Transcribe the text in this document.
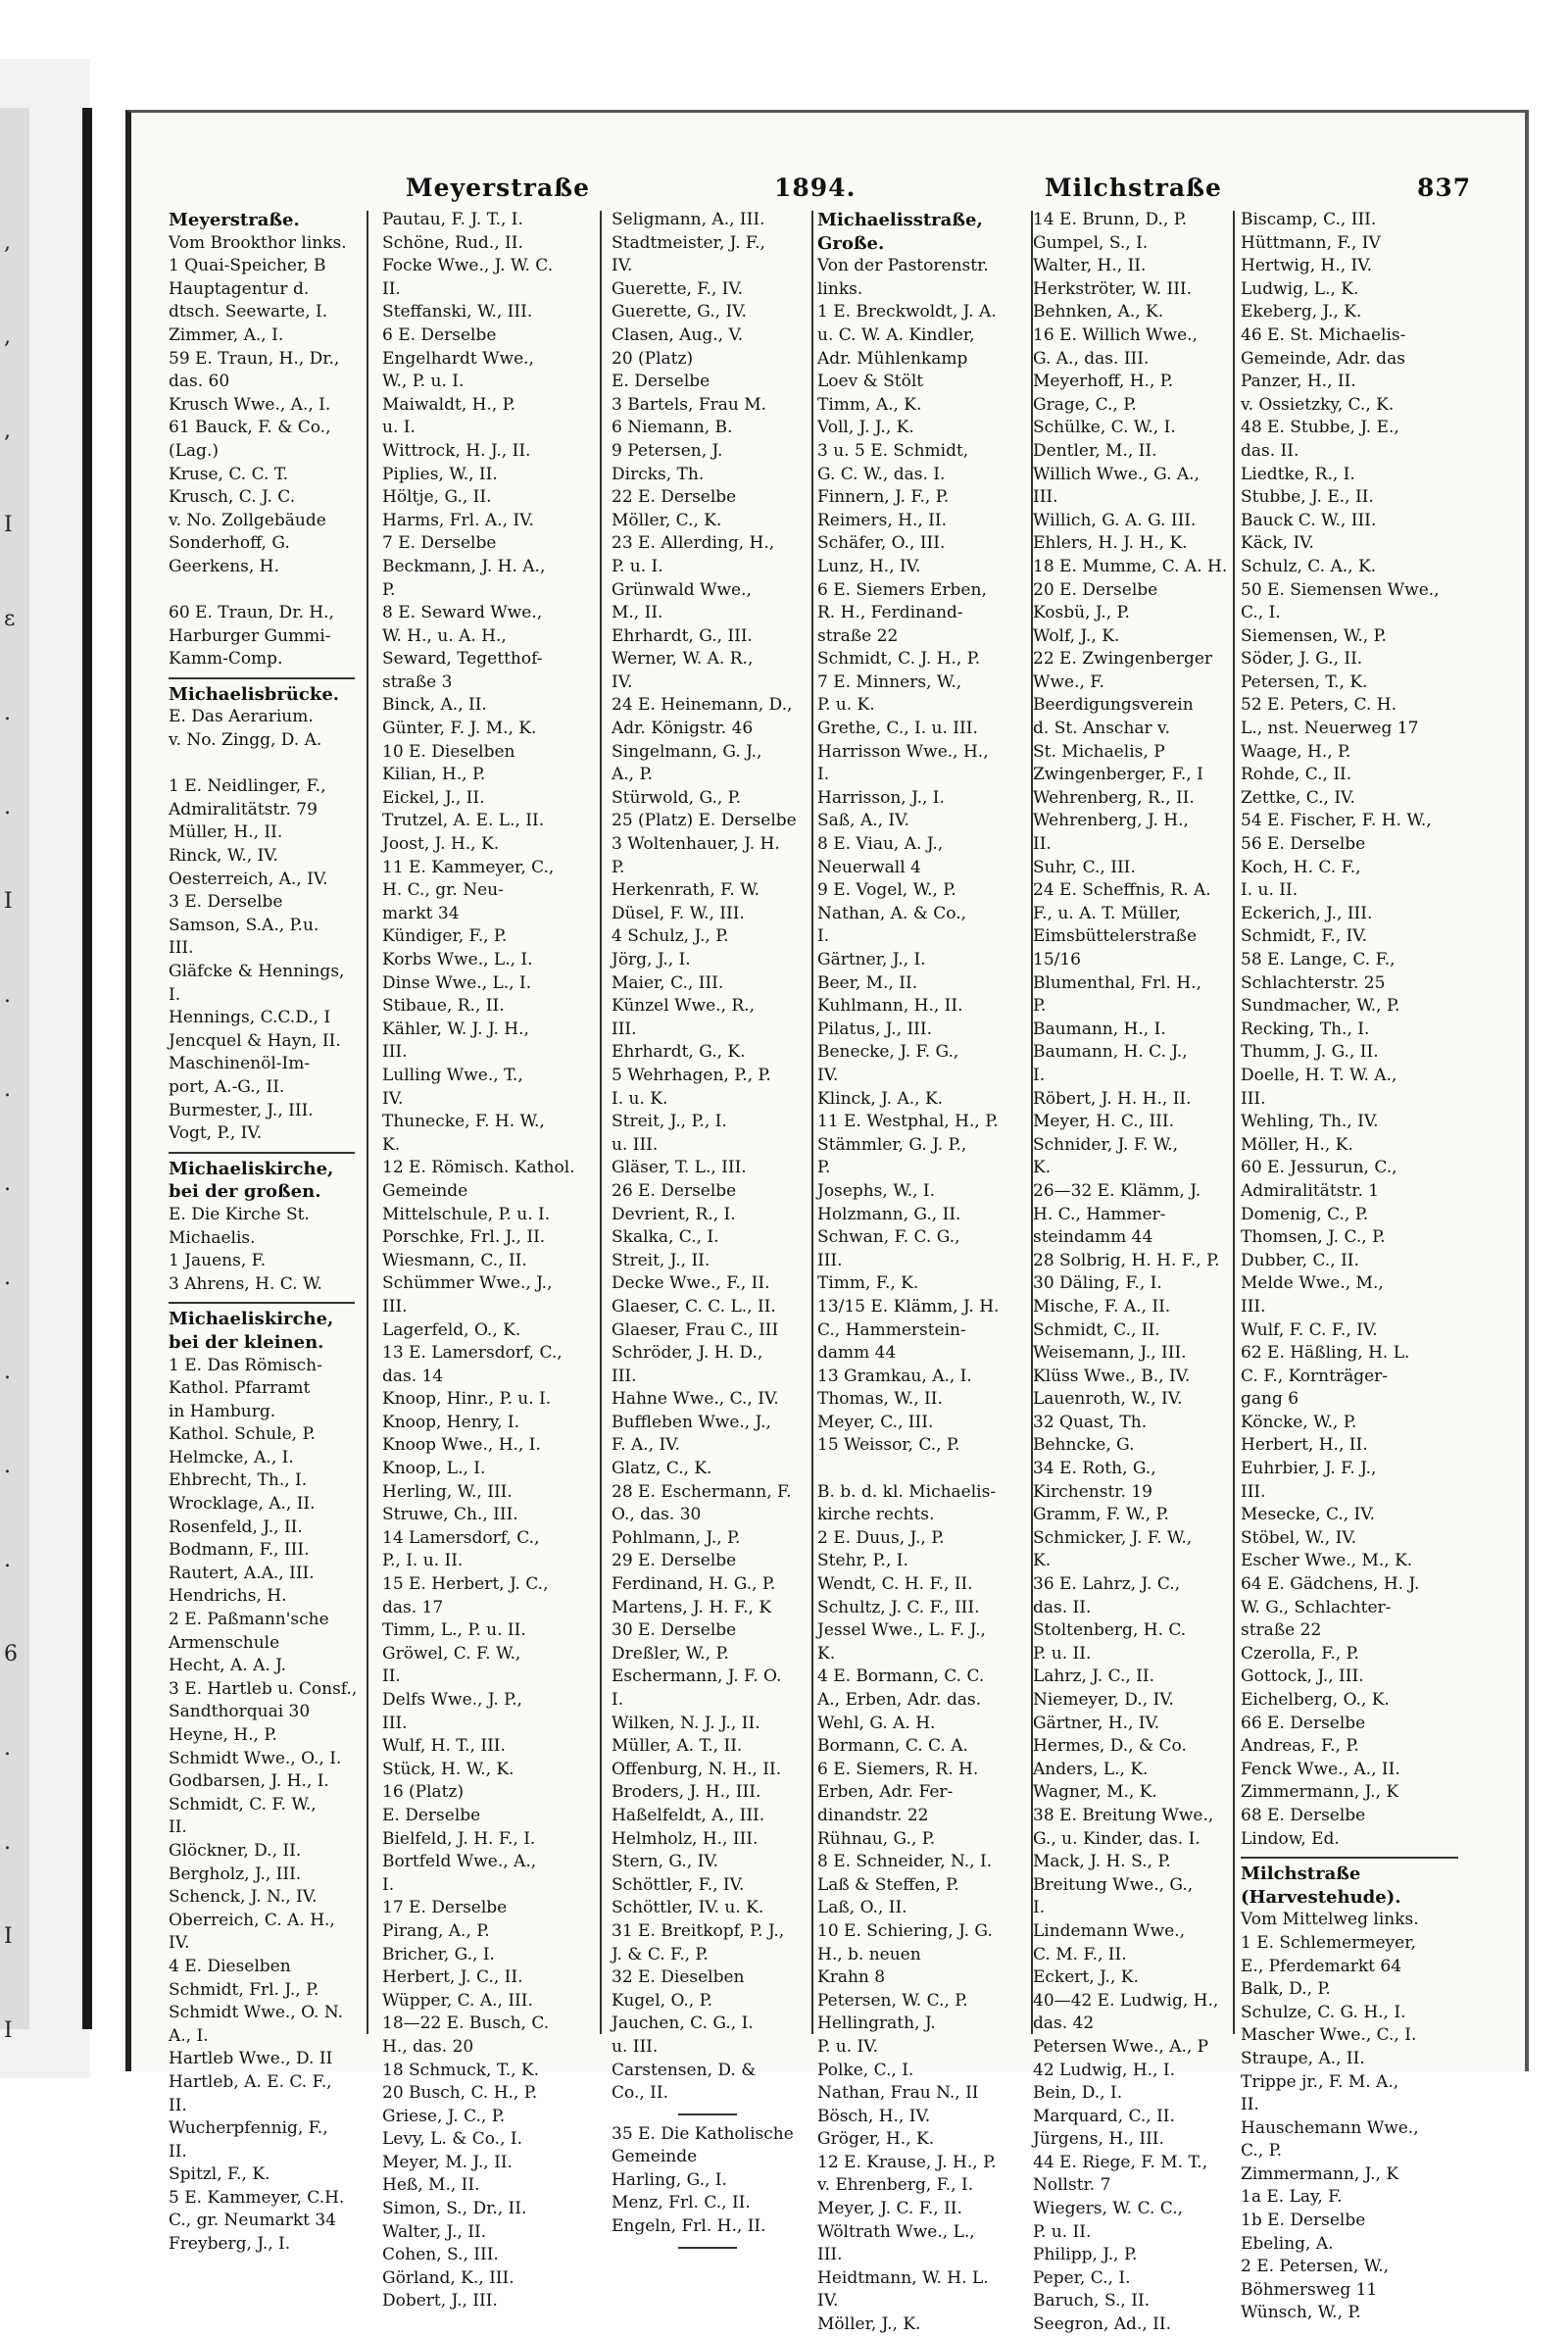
,
,
,
I
ɛ
.
.
I
.
.
.
.
.
.
.
6
.
.
I
I
Meyerstraße	1894.	Milchstraße	837
Meyerstraße.
Vom Brookthor links.
1 Quai-Speicher, B
Hauptagentur d.
dtsch. Seewarte, I.
Zimmer, A., I.
59 E. Traun, H., Dr.,
das. 60
Krusch Wwe., A., I.
61 Bauck, F. & Co.,
(Lag.)
Kruse, C. C. T.
Krusch, C. J. C.
v. No. Zollgebäude
Sonderhoff, G.
Geerkens, H.

60 E. Traun, Dr. H.,
Harburger Gummi-
Kamm-Comp.
Michaelisbrücke.
E. Das Aerarium.
v. No. Zingg, D. A.

1 E. Neidlinger, F.,
Admiralitätstr. 79
Müller, H., II.
Rinck, W., IV.
Oesterreich, A., IV.
3 E. Derselbe
Samson, S.A., P.u.
III.
Gläfcke & Hennings,
I.
Hennings, C.C.D., I
Jencquel & Hayn, II.
Maschinenöl-Im-
port, A.-G., II.
Burmester, J., III.
Vogt, P., IV.
Michaeliskirche,
bei der großen.
E. Die Kirche St.
Michaelis.
1 Jauens, F.
3 Ahrens, H. C. W.
Michaeliskirche,
bei der kleinen.
1 E. Das Römisch-
Kathol. Pfarramt
in Hamburg.
Kathol. Schule, P.
Helmcke, A., I.
Ehbrecht, Th., I.
Wrocklage, A., II.
Rosenfeld, J., II.
Bodmann, F., III.
Rautert, A.A., III.
Hendrichs, H.
2 E. Paßmann'sche
Armenschule
Hecht, A. A. J.
3 E. Hartleb u. Consf.,
Sandthorquai 30
Heyne, H., P.
Schmidt Wwe., O., I.
Godbarsen, J. H., I.
Schmidt, C. F. W.,
II.
Glöckner, D., II.
Bergholz, J., III.
Schenck, J. N., IV.
Oberreich, C. A. H.,
IV.
4 E. Dieselben
Schmidt, Frl. J., P.
Schmidt Wwe., O. N.
A., I.
Hartleb Wwe., D. II
Hartleb, A. E. C. F.,
II.
Wucherpfennig, F.,
II.
Spitzl, F., K.
5 E. Kammeyer, C.H.
C., gr. Neumarkt 34
Freyberg, J., I.
Pautau, F. J. T., I.
Schöne, Rud., II.
Focke Wwe., J. W. C.
II.
Steffanski, W., III.
6 E. Derselbe
Engelhardt Wwe.,
W., P. u. I.
Maiwaldt, H., P.
u. I.
Wittrock, H. J., II.
Piplies, W., II.
Höltje, G., II.
Harms, Frl. A., IV.
7 E. Derselbe
Beckmann, J. H. A.,
P.
8 E. Seward Wwe.,
W. H., u. A. H.,
Seward, Tegetthof-
straße 3
Binck, A., II.
Günter, F. J. M., K.
10 E. Dieselben
Kilian, H., P.
Eickel, J., II.
Trutzel, A. E. L., II.
Joost, J. H., K.
11 E. Kammeyer, C.,
H. C., gr. Neu-
markt 34
Kündiger, F., P.
Korbs Wwe., L., I.
Dinse Wwe., L., I.
Stibaue, R., II.
Kähler, W. J. J. H.,
III.
Lulling Wwe., T.,
IV.
Thunecke, F. H. W.,
K.
12 E. Römisch. Kathol.
Gemeinde
Mittelschule, P. u. I.
Porschke, Frl. J., II.
Wiesmann, C., II.
Schümmer Wwe., J.,
III.
Lagerfeld, O., K.
13 E. Lamersdorf, C.,
das. 14
Knoop, Hinr., P. u. I.
Knoop, Henry, I.
Knoop Wwe., H., I.
Knoop, L., I.
Herling, W., III.
Struwe, Ch., III.
14 Lamersdorf, C.,
P., I. u. II.
15 E. Herbert, J. C.,
das. 17
Timm, L., P. u. II.
Gröwel, C. F. W.,
II.
Delfs Wwe., J. P.,
III.
Wulf, H. T., III.
Stück, H. W., K.
16 (Platz)
E. Derselbe
Bielfeld, J. H. F., I.
Bortfeld Wwe., A.,
I.
17 E. Derselbe
Pirang, A., P.
Bricher, G., I.
Herbert, J. C., II.
Wüpper, C. A., III.
18—22 E. Busch, C.
H., das. 20
18 Schmuck, T., K.
20 Busch, C. H., P.
Griese, J. C., P.
Levy, L. & Co., I.
Meyer, M. J., II.
Heß, M., II.
Simon, S., Dr., II.
Walter, J., II.
Cohen, S., III.
Görland, K., III.
Dobert, J., III.
Seligmann, A., III.
Stadtmeister, J. F.,
IV.
Guerette, F., IV.
Guerette, G., IV.
Clasen, Aug., V.
20 (Platz)
E. Derselbe
3 Bartels, Frau M.
6 Niemann, B.
9 Petersen, J.
Dircks, Th.
22 E. Derselbe
Möller, C., K.
23 E. Allerding, H.,
P. u. I.
Grünwald Wwe.,
M., II.
Ehrhardt, G., III.
Werner, W. A. R.,
IV.
24 E. Heinemann, D.,
Adr. Königstr. 46
Singelmann, G. J.,
A., P.
Stürwold, G., P.
25 (Platz) E. Derselbe
3 Woltenhauer, J. H.
P.
Herkenrath, F. W.
Düsel, F. W., III.
4 Schulz, J., P.
Jörg, J., I.
Maier, C., III.
Künzel Wwe., R.,
III.
Ehrhardt, G., K.
5 Wehrhagen, P., P.
I. u. K.
Streit, J., P., I.
u. III.
Gläser, T. L., III.
26 E. Derselbe
Devrient, R., I.
Skalka, C., I.
Streit, J., II.
Decke Wwe., F., II.
Glaeser, C. C. L., II.
Glaeser, Frau C., III
Schröder, J. H. D.,
III.
Hahne Wwe., C., IV.
Buffleben Wwe., J.,
F. A., IV.
Glatz, C., K.
28 E. Eschermann, F.
O., das. 30
Pohlmann, J., P.
29 E. Derselbe
Ferdinand, H. G., P.
Martens, J. H. F., K
30 E. Derselbe
Dreßler, W., P.
Eschermann, J. F. O.
I.
Wilken, N. J. J., II.
Müller, A. T., II.
Offenburg, N. H., II.
Broders, J. H., III.
Haßelfeldt, A., III.
Helmholz, H., III.
Stern, G., IV.
Schöttler, F., IV.
Schöttler, IV. u. K.
31 E. Breitkopf, P. J.,
J. & C. F., P.
32 E. Dieselben
Kugel, O., P.
Jauchen, C. G., I.
u. III.
Carstensen, D. &
Co., II.
35 E. Die Katholische
Gemeinde
Harling, G., I.
Menz, Frl. C., II.
Engeln, Frl. H., II.
Michaelisstraße,
Große.
Von der Pastorenstr.
links.
1 E. Breckwoldt, J. A.
u. C. W. A. Kindler,
Adr. Mühlenkamp
Loev & Stölt
Timm, A., K.
Voll, J. J., K.
3 u. 5 E. Schmidt,
G. C. W., das. I.
Finnern, J. F., P.
Reimers, H., II.
Schäfer, O., III.
Lunz, H., IV.
6 E. Siemers Erben,
R. H., Ferdinand-
straße 22
Schmidt, C. J. H., P.
7 E. Minners, W.,
P. u. K.
Grethe, C., I. u. III.
Harrisson Wwe., H.,
I.
Harrisson, J., I.
Saß, A., IV.
8 E. Viau, A. J.,
Neuerwall 4
9 E. Vogel, W., P.
Nathan, A. & Co.,
I.
Gärtner, J., I.
Beer, M., II.
Kuhlmann, H., II.
Pilatus, J., III.
Benecke, J. F. G.,
IV.
Klinck, J. A., K.
11 E. Westphal, H., P.
Stämmler, G. J. P.,
P.
Josephs, W., I.
Holzmann, G., II.
Schwan, F. C. G.,
III.
Timm, F., K.
13/15 E. Klämm, J. H.
C., Hammerstein-
damm 44
13 Gramkau, A., I.
Thomas, W., II.
Meyer, C., III.
15 Weissor, C., P.

B. b. d. kl. Michaelis-
kirche rechts.
2 E. Duus, J., P.
Stehr, P., I.
Wendt, C. H. F., II.
Schultz, J. C. F., III.
Jessel Wwe., L. F. J.,
K.
4 E. Bormann, C. C.
A., Erben, Adr. das.
Wehl, G. A. H.
Bormann, C. C. A.
6 E. Siemers, R. H.
Erben, Adr. Fer-
dinandstr. 22
Rühnau, G., P.
8 E. Schneider, N., I.
Laß & Steffen, P.
Laß, O., II.
10 E. Schiering, J. G.
H., b. neuen
Krahn 8
Petersen, W. C., P.
Hellingrath, J.
P. u. IV.
Polke, C., I.
Nathan, Frau N., II
Bösch, H., IV.
Gröger, H., K.
12 E. Krause, J. H., P.
v. Ehrenberg, F., I.
Meyer, J. C. F., II.
Wöltrath Wwe., L.,
III.
Heidtmann, W. H. L.
IV.
Möller, J., K.
14 E. Brunn, D., P.
Gumpel, S., I.
Walter, H., II.
Herkströter, W. III.
Behnken, A., K.
16 E. Willich Wwe.,
G. A., das. III.
Meyerhoff, H., P.
Grage, C., P.
Schülke, C. W., I.
Dentler, M., II.
Willich Wwe., G. A.,
III.
Willich, G. A. G. III.
Ehlers, H. J. H., K.
18 E. Mumme, C. A. H.
20 E. Derselbe
Kosbü, J., P.
Wolf, J., K.
22 E. Zwingenberger
Wwe., F.
Beerdigungsverein
d. St. Anschar v.
St. Michaelis, P
Zwingenberger, F., I
Wehrenberg, R., II.
Wehrenberg, J. H.,
II.
Suhr, C., III.
24 E. Scheffnis, R. A.
F., u. A. T. Müller,
Eimsbüttelerstraße
15/16
Blumenthal, Frl. H.,
P.
Baumann, H., I.
Baumann, H. C. J.,
I.
Röbert, J. H. H., II.
Meyer, H. C., III.
Schnider, J. F. W.,
K.
26—32 E. Klämm, J.
H. C., Hammer-
steindamm 44
28 Solbrig, H. H. F., P.
30 Däling, F., I.
Mische, F. A., II.
Schmidt, C., II.
Weisemann, J., III.
Klüss Wwe., B., IV.
Lauenroth, W., IV.
32 Quast, Th.
Behncke, G.
34 E. Roth, G.,
Kirchenstr. 19
Gramm, F. W., P.
Schmicker, J. F. W.,
K.
36 E. Lahrz, J. C.,
das. II.
Stoltenberg, H. C.
P. u. II.
Lahrz, J. C., II.
Niemeyer, D., IV.
Gärtner, H., IV.
Hermes, D., & Co.
Anders, L., K.
Wagner, M., K.
38 E. Breitung Wwe.,
G., u. Kinder, das. I.
Mack, J. H. S., P.
Breitung Wwe., G.,
I.
Lindemann Wwe.,
C. M. F., II.
Eckert, J., K.
40—42 E. Ludwig, H.,
das. 42
Petersen Wwe., A., P
42 Ludwig, H., I.
Bein, D., I.
Marquard, C., II.
Jürgens, H., III.
44 E. Riege, F. M. T.,
Nollstr. 7
Wiegers, W. C. C.,
P. u. II.
Philipp, J., P.
Peper, C., I.
Baruch, S., II.
Seegron, Ad., II.
Biscamp, C., III.
Hüttmann, F., IV
Hertwig, H., IV.
Ludwig, L., K.
Ekeberg, J., K.
46 E. St. Michaelis-
Gemeinde, Adr. das
Panzer, H., II.
v. Ossietzky, C., K.
48 E. Stubbe, J. E.,
das. II.
Liedtke, R., I.
Stubbe, J. E., II.
Bauck C. W., III.
Käck, IV.
Schulz, C. A., K.
50 E. Siemensen Wwe.,
C., I.
Siemensen, W., P.
Söder, J. G., II.
Petersen, T., K.
52 E. Peters, C. H.
L., nst. Neuerweg 17
Waage, H., P.
Rohde, C., II.
Zettke, C., IV.
54 E. Fischer, F. H. W.,
56 E. Derselbe
Koch, H. C. F.,
I. u. II.
Eckerich, J., III.
Schmidt, F., IV.
58 E. Lange, C. F.,
Schlachterstr. 25
Sundmacher, W., P.
Recking, Th., I.
Thumm, J. G., II.
Doelle, H. T. W. A.,
III.
Wehling, Th., IV.
Möller, H., K.
60 E. Jessurun, C.,
Admiralitätstr. 1
Domenig, C., P.
Thomsen, J. C., P.
Dubber, C., II.
Melde Wwe., M.,
III.
Wulf, F. C. F., IV.
62 E. Häßling, H. L.
C. F., Kornträger-
gang 6
Köncke, W., P.
Herbert, H., II.
Euhrbier, J. F. J.,
III.
Mesecke, C., IV.
Stöbel, W., IV.
Escher Wwe., M., K.
64 E. Gädchens, H. J.
W. G., Schlachter-
straße 22
Czerolla, F., P.
Gottock, J., III.
Eichelberg, O., K.
66 E. Derselbe
Andreas, F., P.
Fenck Wwe., A., II.
Zimmermann, J., K
68 E. Derselbe
Lindow, Ed.
Milchstraße
(Harvestehude).
Vom Mittelweg links.
1 E. Schlemermeyer,
E., Pferdemarkt 64
Balk, D., P.
Schulze, C. G. H., I.
Mascher Wwe., C., I.
Straupe, A., II.
Trippe jr., F. M. A.,
II.
Hauschemann Wwe.,
C., P.
Zimmermann, J., K
1a E. Lay, F.
1b E. Derselbe
Ebeling, A.
2 E. Petersen, W.,
Böhmersweg 11
Wünsch, W., P.
